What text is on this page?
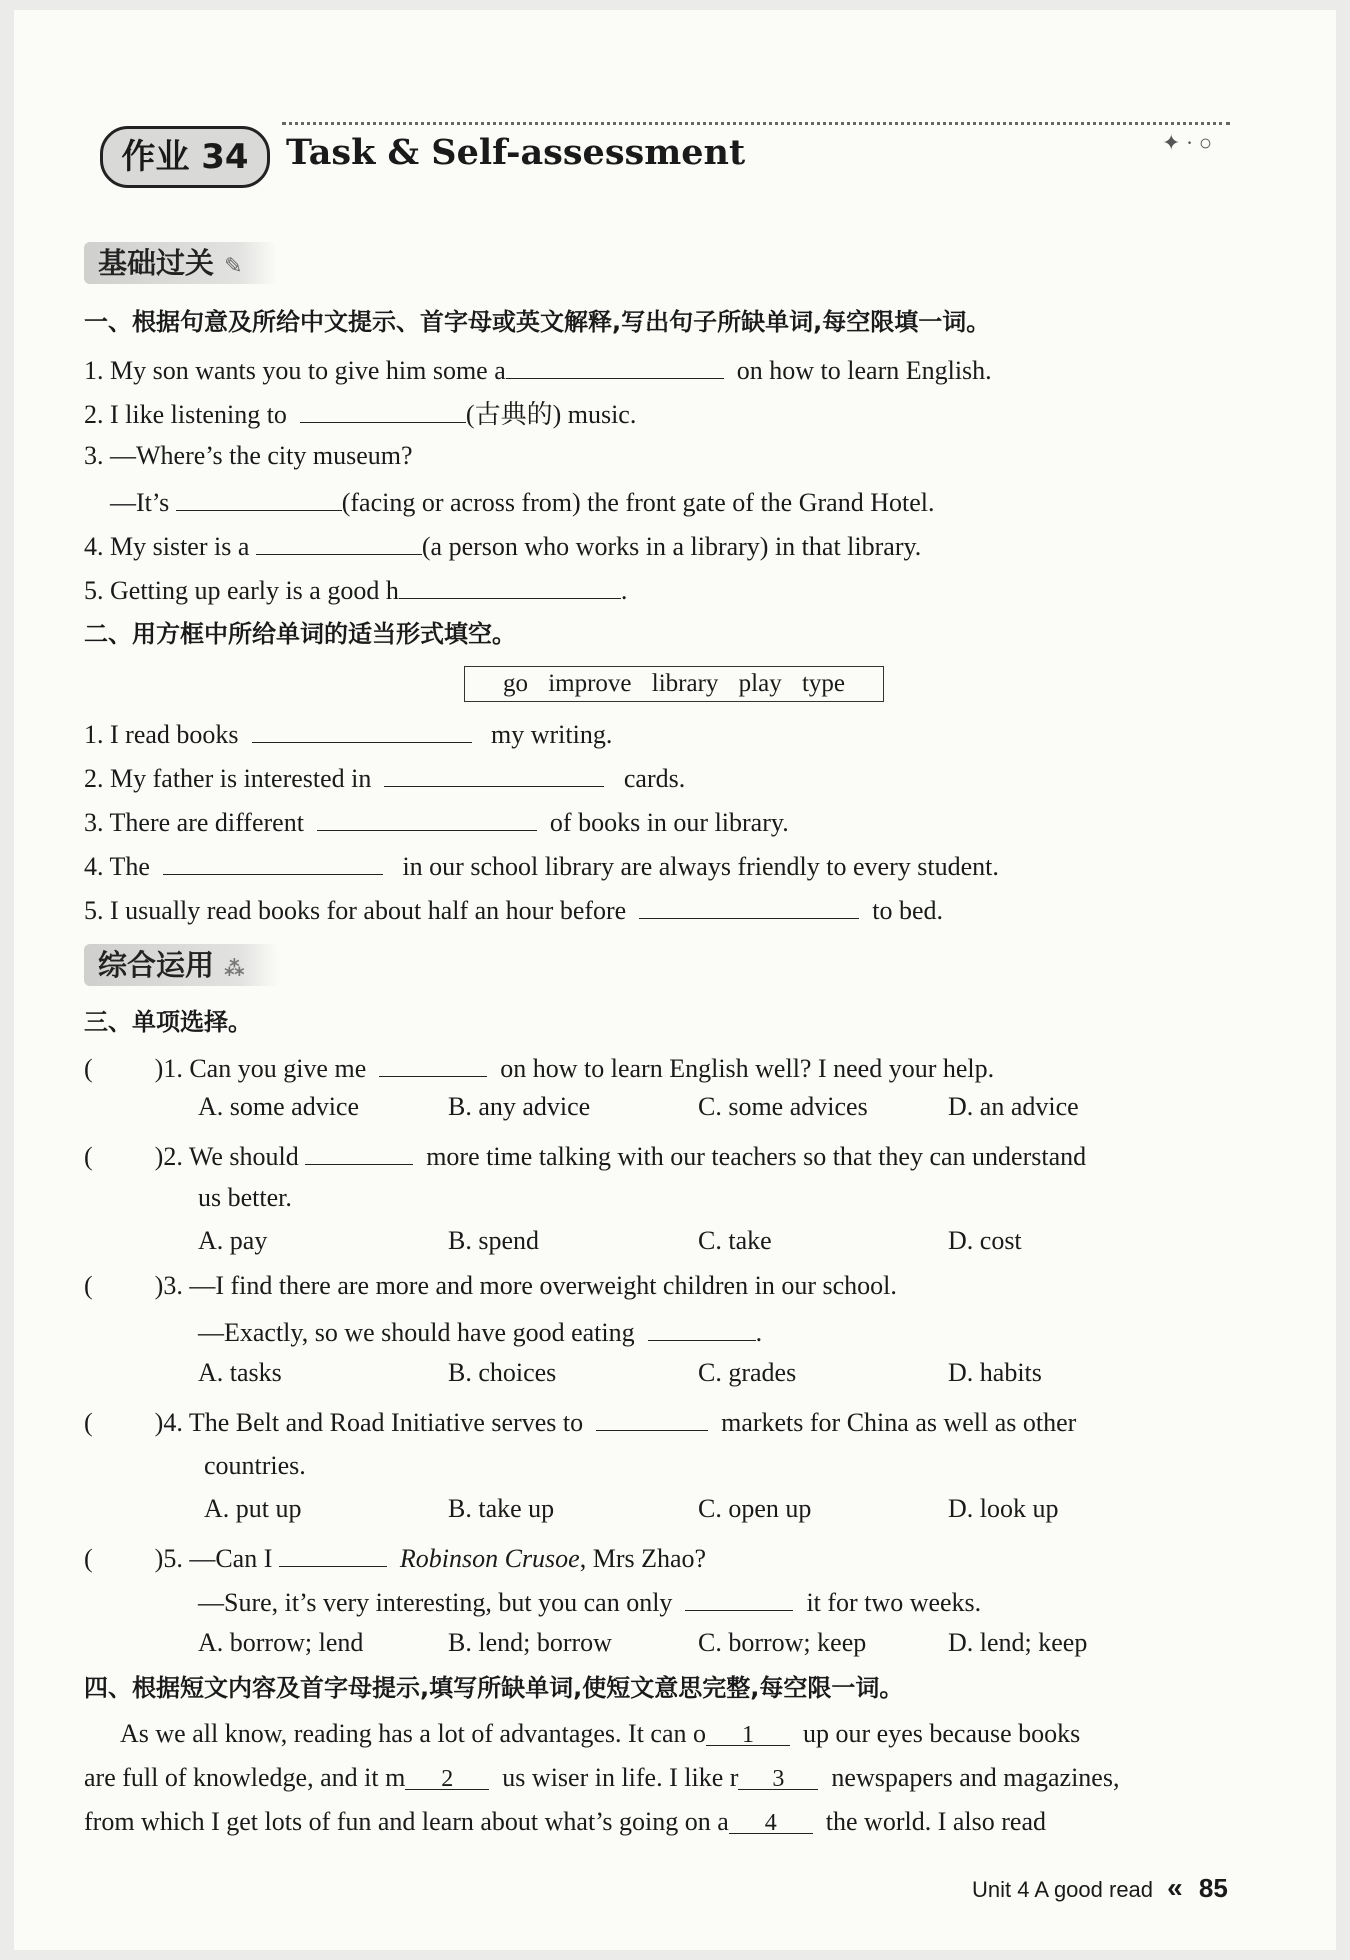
✦ · ○
作业 34	Task & Self-assessment
基础过关 ✎
一、根据句意及所给中文提示、首字母或英文解释,写出句子所缺单词,每空限填一词。
1. My son wants you to give him some a	on how to learn English.
2. I like listening to	(古典的) music.
3. —Where’s the city museum?
—It’s	(facing or across from) the front gate of the Grand Hotel.
4. My sister is a	(a person who works in a library) in that library.
5. Getting up early is a good h	.
二、用方框中所给单词的适当形式填空。
go improve library play type
1. I read books	my writing.
2. My father is interested in	cards.
3. There are different	of books in our library.
4. The	in our school library are always friendly to every student.
5. I usually read books for about half an hour before	to bed.
综合运用 ⁂
三、单项选择。
( )1. Can you give me	on how to learn English well? I need your help.
A. some advice	B. any advice	C. some advices	D. an advice
( )2. We should	more time talking with our teachers so that they can understand
us better.
A. pay	B. spend	C. take	D. cost
( )3. —I find there are more and more overweight children in our school.
—Exactly, so we should have good eating	.
A. tasks	B. choices	C. grades	D. habits
( )4. The Belt and Road Initiative serves to	markets for China as well as other
countries.
A. put up	B. take up	C. open up	D. look up
( )5. —Can I	Robinson Crusoe, Mrs Zhao?
—Sure, it’s very interesting, but you can only	it for two weeks.
A. borrow; lend	B. lend; borrow	C. borrow; keep	D. lend; keep
四、根据短文内容及首字母提示,填写所缺单词,使短文意思完整,每空限一词。
As we all know, reading has a lot of advantages. It can o 1 up our eyes because books
are full of knowledge, and it m 2 us wiser in life. I like r 3 newspapers and magazines,
from which I get lots of fun and learn about what’s going on a 4 the world. I also read
Unit 4 A good read « 85
